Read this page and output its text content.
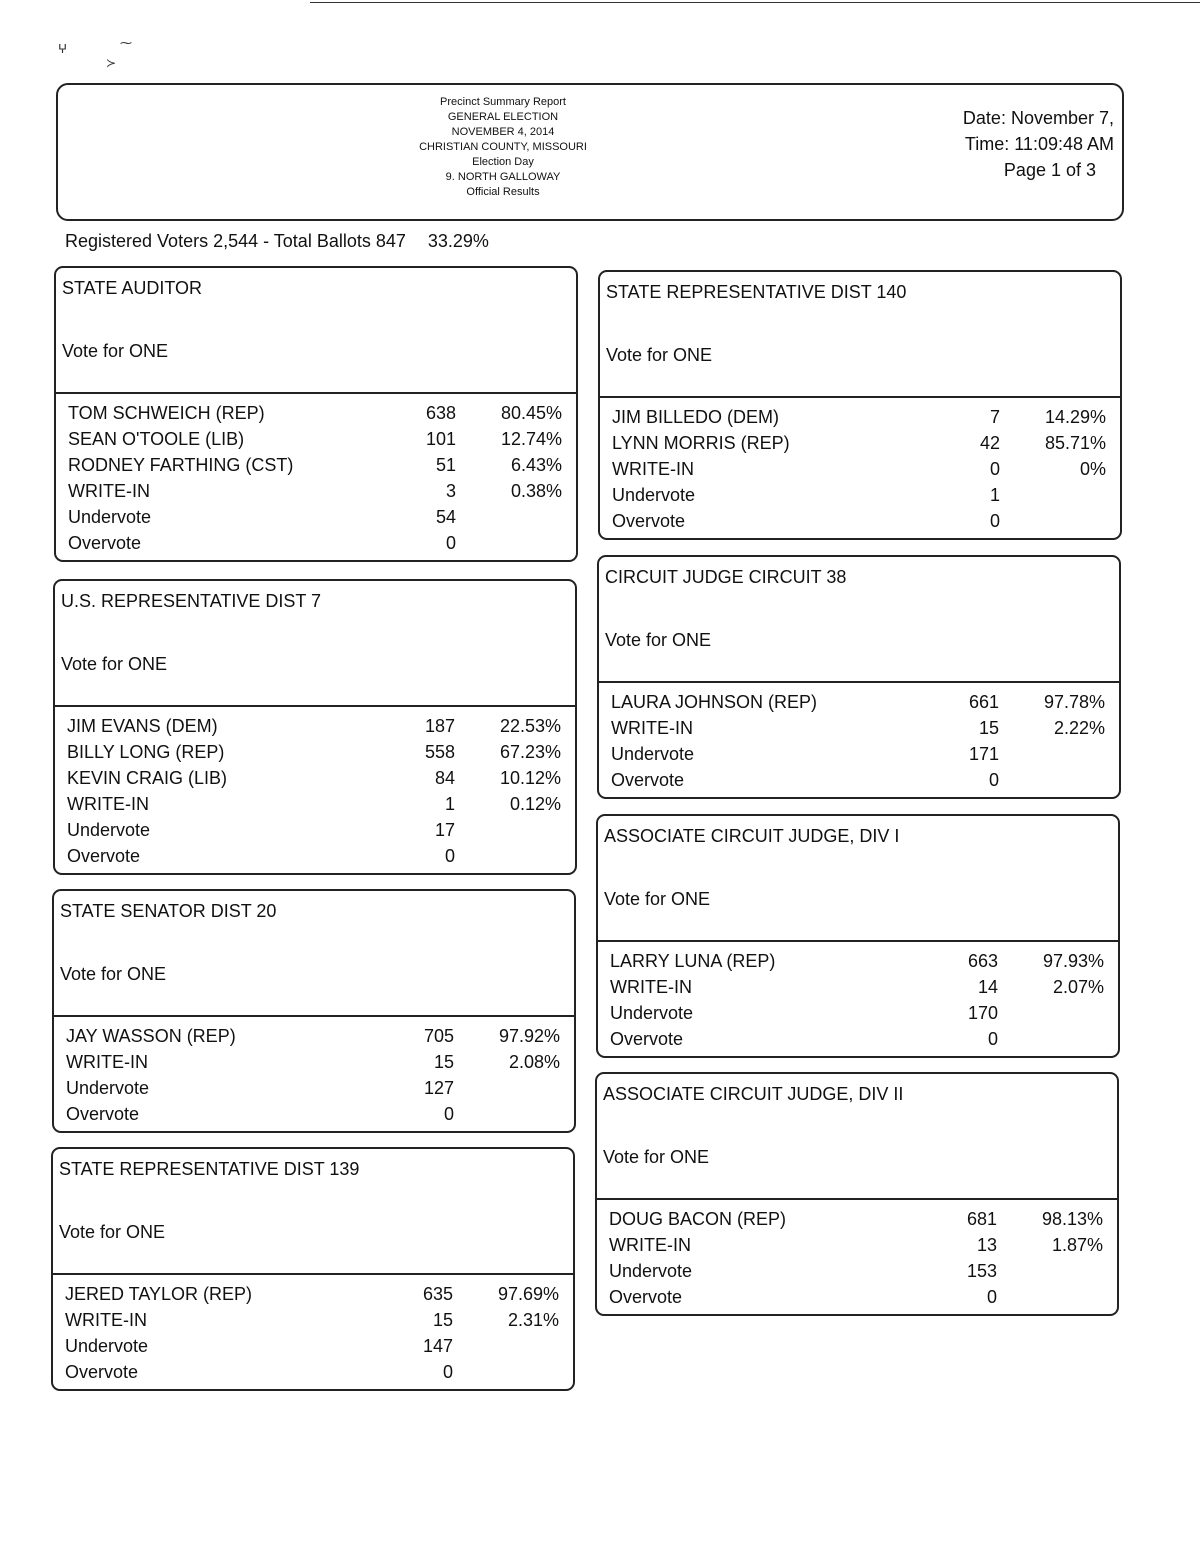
ⵖ	⁓
≻
Precinct Summary Report
GENERAL ELECTION
NOVEMBER 4, 2014
CHRISTIAN COUNTY, MISSOURI
Election Day
9. NORTH GALLOWAY
Official Results
Date: November 7,
Time: 11:09:48 AM
Page 1 of 3
Registered Voters 2,544 - Total Ballots 847 33.29%
STATE AUDITOR
Vote for ONE
TOM SCHWEICH (REP)	638	80.45%
SEAN O'TOOLE (LIB)	101	12.74%
RODNEY FARTHING (CST)	51	6.43%
WRITE-IN	3	0.38%
Undervote	54
Overvote	0
U.S. REPRESENTATIVE DIST 7
Vote for ONE
JIM EVANS (DEM)	187	22.53%
BILLY LONG (REP)	558	67.23%
KEVIN CRAIG (LIB)	84	10.12%
WRITE-IN	1	0.12%
Undervote	17
Overvote	0
STATE SENATOR DIST 20
Vote for ONE
JAY WASSON (REP)	705	97.92%
WRITE-IN	15	2.08%
Undervote	127
Overvote	0
STATE REPRESENTATIVE DIST 139
Vote for ONE
JERED TAYLOR (REP)	635	97.69%
WRITE-IN	15	2.31%
Undervote	147
Overvote	0
STATE REPRESENTATIVE DIST 140
Vote for ONE
JIM BILLEDO (DEM)	7	14.29%
LYNN MORRIS (REP)	42	85.71%
WRITE-IN	0	0%
Undervote	1
Overvote	0
CIRCUIT JUDGE CIRCUIT 38
Vote for ONE
LAURA JOHNSON (REP)	661	97.78%
WRITE-IN	15	2.22%
Undervote	171
Overvote	0
ASSOCIATE CIRCUIT JUDGE, DIV I
Vote for ONE
LARRY LUNA (REP)	663	97.93%
WRITE-IN	14	2.07%
Undervote	170
Overvote	0
ASSOCIATE CIRCUIT JUDGE, DIV II
Vote for ONE
DOUG BACON (REP)	681	98.13%
WRITE-IN	13	1.87%
Undervote	153
Overvote	0
